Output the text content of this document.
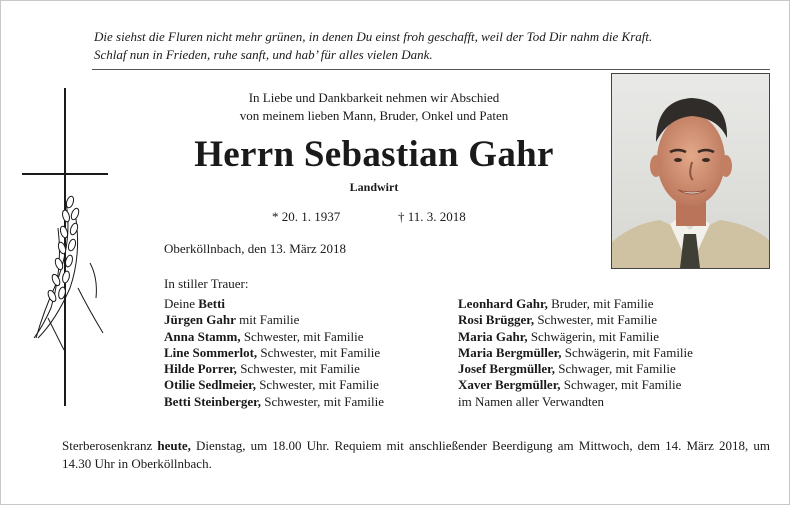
Die siehst die Fluren nicht mehr grünen, in denen Du einst froh geschafft, weil der Tod Dir nahm die Kraft.
Schlaf nun in Frieden, ruhe sanft, und hab’ für alles vielen Dank.
In Liebe und Dankbarkeit nehmen wir Abschied
von meinem lieben Mann, Bruder, Onkel und Paten
Herrn Sebastian Gahr
Landwirt
* 20. 1. 1937	† 11. 3. 2018
Oberköllnbach, den 13. März 2018
In stiller Trauer:
Deine Betti
Jürgen Gahr mit Familie
Anna Stamm, Schwester, mit Familie
Line Sommerlot, Schwester, mit Familie
Hilde Porrer, Schwester, mit Familie
Otilie Sedlmeier, Schwester, mit Familie
Betti Steinberger, Schwester, mit Familie
Leonhard Gahr, Bruder, mit Familie
Rosi Brügger, Schwester, mit Familie
Maria Gahr, Schwägerin, mit Familie
Maria Bergmüller, Schwägerin, mit Familie
Josef Bergmüller, Schwager, mit Familie
Xaver Bergmüller, Schwager, mit Familie
im Namen aller Verwandten
Sterberosenkranz heute, Dienstag, um 18.00 Uhr. Requiem mit anschließender Beerdigung am Mittwoch, dem 14. März 2018, um 14.30 Uhr in Oberköllnbach.
